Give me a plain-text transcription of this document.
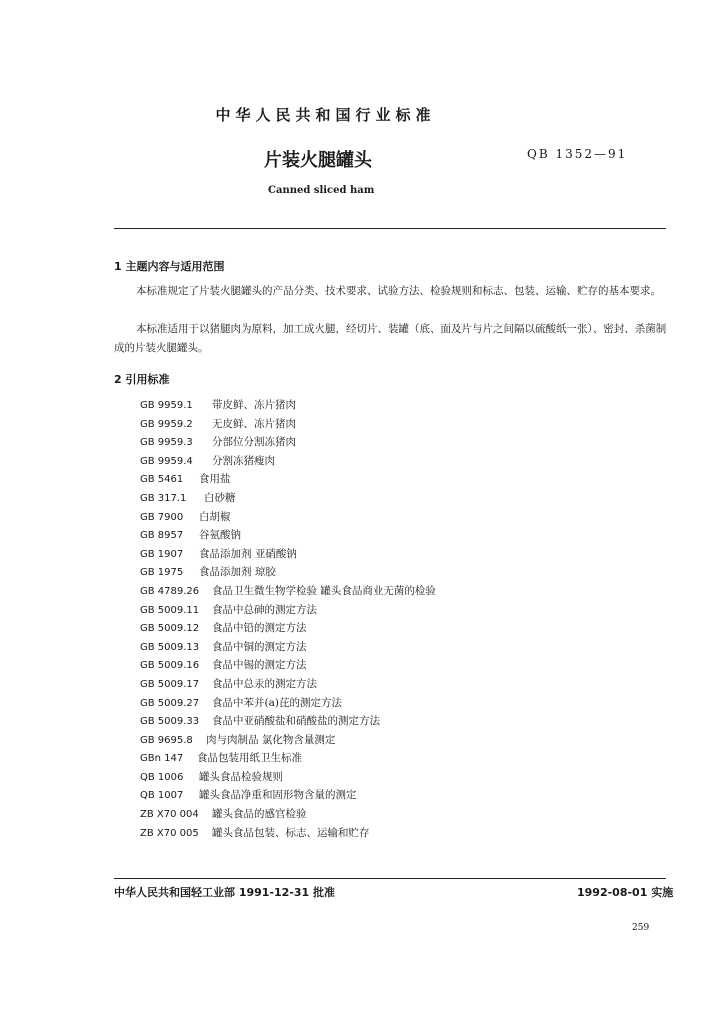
中华人民共和国行业标准
片装火腿罐头	QB 1352—91
Canned sliced ham
1 主题内容与适用范围
本标准规定了片装火腿罐头的产品分类、技术要求、试验方法、检验规则和标志、包装、运输、贮存的基本要求。
本标准适用于以猪腿肉为原料，加工成火腿，经切片、装罐（底、面及片与片之间隔以硫酸纸一张）、密封、杀菌制成的片装火腿罐头。
2 引用标准
GB 9959.1 带皮鲜、冻片猪肉
GB 9959.2 无皮鲜、冻片猪肉
GB 9959.3 分部位分割冻猪肉
GB 9959.4 分割冻猪瘦肉
GB 5461 食用盐
GB 317.1 白砂糖
GB 7900 白胡椒
GB 8957 谷氨酸钠
GB 1907 食品添加剂 亚硝酸钠
GB 1975 食品添加剂 琼胶
GB 4789.26 食品卫生微生物学检验 罐头食品商业无菌的检验
GB 5009.11 食品中总砷的测定方法
GB 5009.12 食品中铅的测定方法
GB 5009.13 食品中铜的测定方法
GB 5009.16 食品中锡的测定方法
GB 5009.17 食品中总汞的测定方法
GB 5009.27 食品中苯并(a)芘的测定方法
GB 5009.33 食品中亚硝酸盐和硝酸盐的测定方法
GB 9695.8 肉与肉制品 氯化物含量测定
GBn 147 食品包装用纸卫生标准
QB 1006 罐头食品检验规则
QB 1007 罐头食品净重和固形物含量的测定
ZB X70 004 罐头食品的感官检验
ZB X70 005 罐头食品包装、标志、运输和贮存
中华人民共和国轻工业部 1991-12-31 批准	1992-08-01 实施
259
